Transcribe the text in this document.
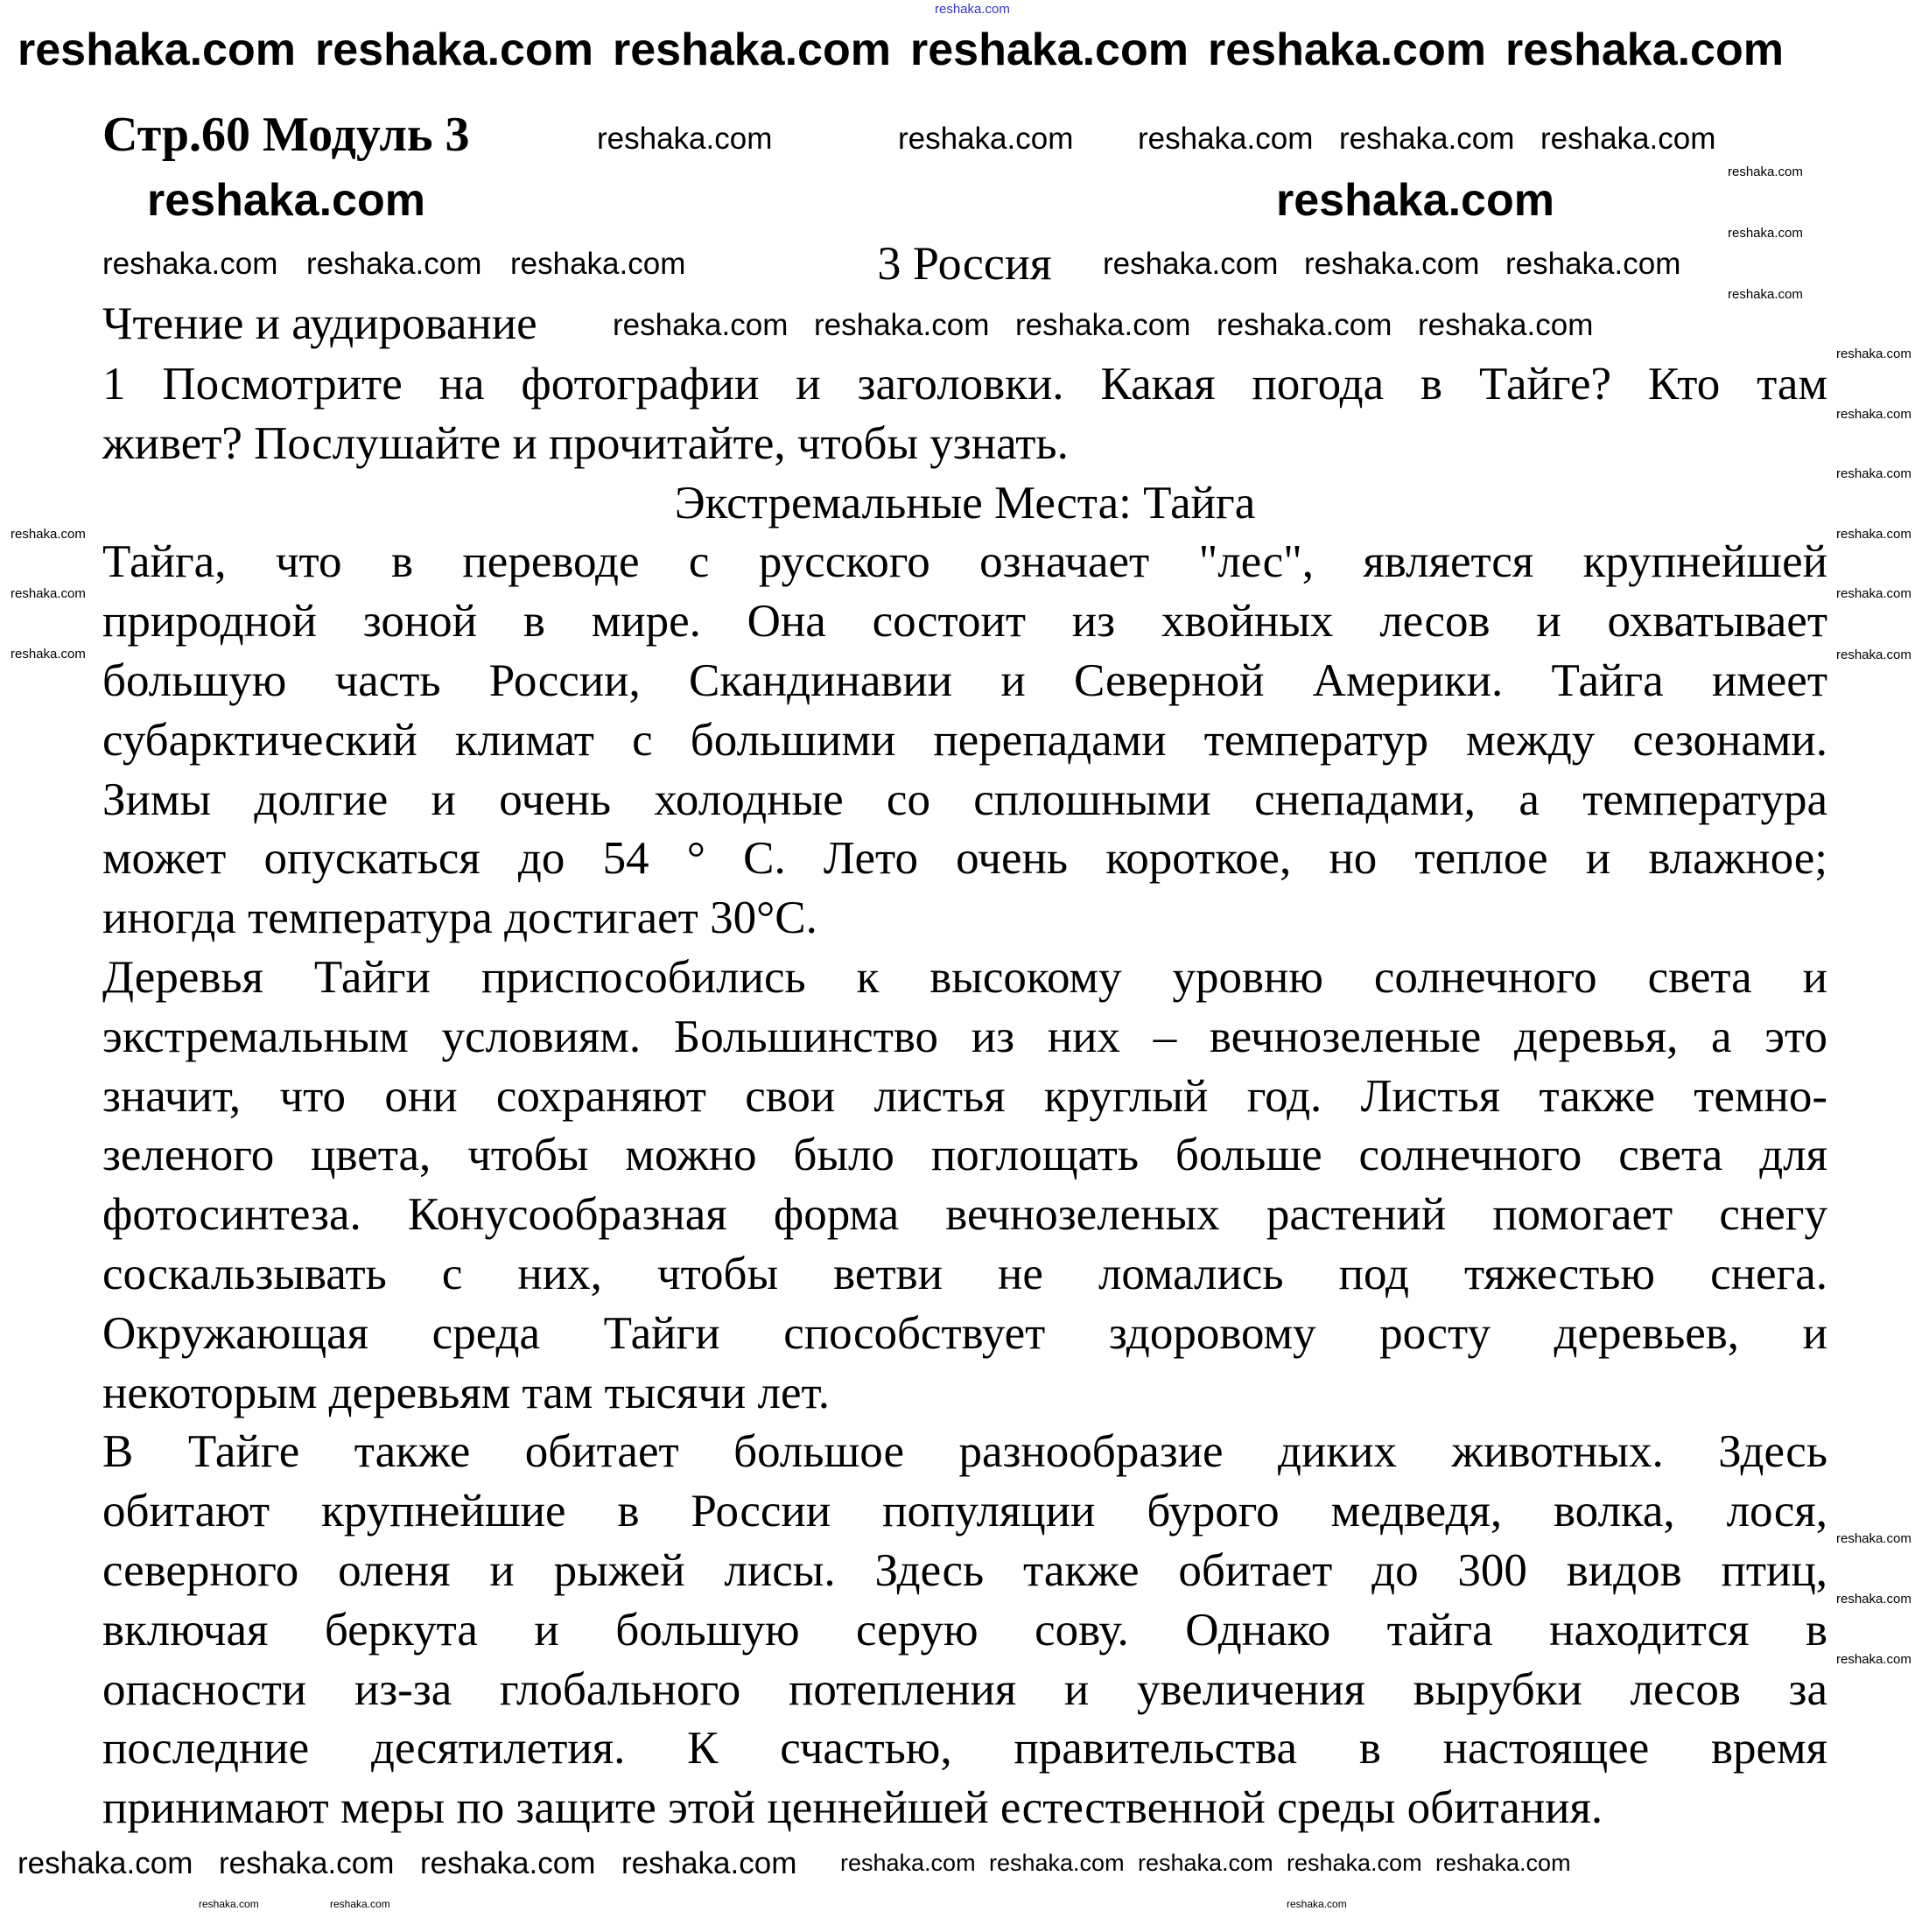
Стр.60 Модуль 3
3 Россия
Чтение и аудирование
1 Посмотрите на фотографии и заголовки. Какая погода в Тайге? Кто там
живет? Послушайте и прочитайте, чтобы узнать.
Экстремальные Места: Тайга
Тайга, что в переводе с русского означает "лес", является крупнейшей
природной зоной в мире. Она состоит из хвойных лесов и охватывает
большую часть России, Скандинавии и Северной Америки. Тайга имеет
субарктический климат с большими перепадами температур между сезонами.
Зимы долгие и очень холодные со сплошными снепадами, а температура
может опускаться до 54 ° С. Лето очень короткое, но теплое и влажное;
иногда температура достигает 30°С.
Деревья Тайги приспособились к высокому уровню солнечного света и
экстремальным условиям. Большинство из них – вечнозеленые деревья, а это
значит, что они сохраняют свои листья круглый год. Листья также темно-
зеленого цвета, чтобы можно было поглощать больше солнечного света для
фотосинтеза. Конусообразная форма вечнозеленых растений помогает снегу
соскальзывать с них, чтобы ветви не ломались под тяжестью снега.
Окружающая среда Тайги способствует здоровому росту деревьев, и
некоторым деревьям там тысячи лет.
В Тайге также обитает большое разнообразие диких животных. Здесь
обитают крупнейшие в России популяции бурого медведя, волка, лося,
северного оленя и рыжей лисы. Здесь также обитает до 300 видов птиц,
включая беркута и большую серую сову. Однако тайга находится в
опасности из-за глобального потепления и увеличения вырубки лесов за
последние десятилетия. К счастью, правительства в настоящее время
принимают меры по защите этой ценнейшей естественной среды обитания.
reshaka.com
reshaka.com reshaka.com reshaka.com reshaka.com reshaka.com reshaka.com
reshaka.com	reshaka.com
reshaka.com	reshaka.com reshaka.com reshaka.com reshaka.com
reshaka.com reshaka.com reshaka.com	reshaka.com reshaka.com reshaka.com
reshaka.com reshaka.com reshaka.com reshaka.com reshaka.com
reshaka.com
reshaka.com
reshaka.com
reshaka.com
reshaka.com
reshaka.com
reshaka.com
reshaka.com
reshaka.com
reshaka.com
reshaka.com
reshaka.com
reshaka.com
reshaka.com
reshaka.com
reshaka.com reshaka.com reshaka.com reshaka.com reshaka.com reshaka.com reshaka.com reshaka.com reshaka.com
reshaka.com	reshaka.com	reshaka.com
